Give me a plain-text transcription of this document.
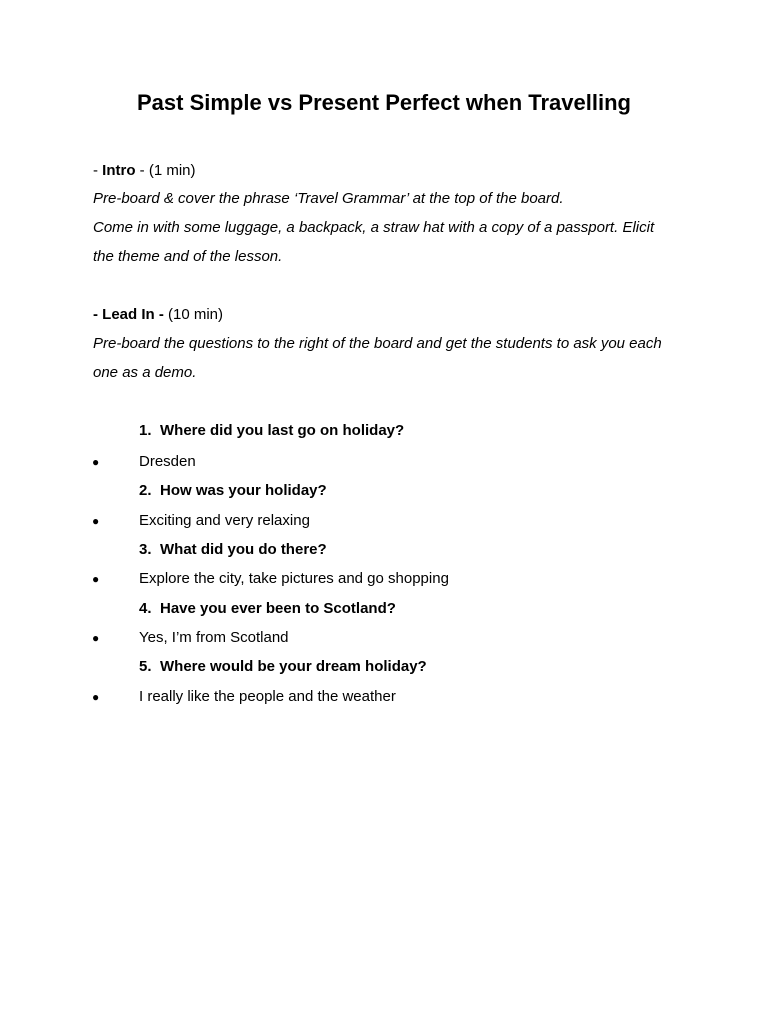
Past Simple vs Present Perfect when Travelling
- Intro - (1 min)
Pre-board & cover the phrase ‘Travel Grammar’ at the top of the board.
Come in with some luggage, a backpack, a straw hat with a copy of a passport. Elicit
the theme and of the lesson.
- Lead In - (10 min)
Pre-board the questions to the right of the board and get the students to ask you each
one as a demo.
1. Where did you last go on holiday?
●	Dresden
2. How was your holiday?
●	Exciting and very relaxing
3. What did you do there?
●	Explore the city, take pictures and go shopping
4. Have you ever been to Scotland?
●	Yes, I’m from Scotland
5. Where would be your dream holiday?
●	I really like the people and the weather
